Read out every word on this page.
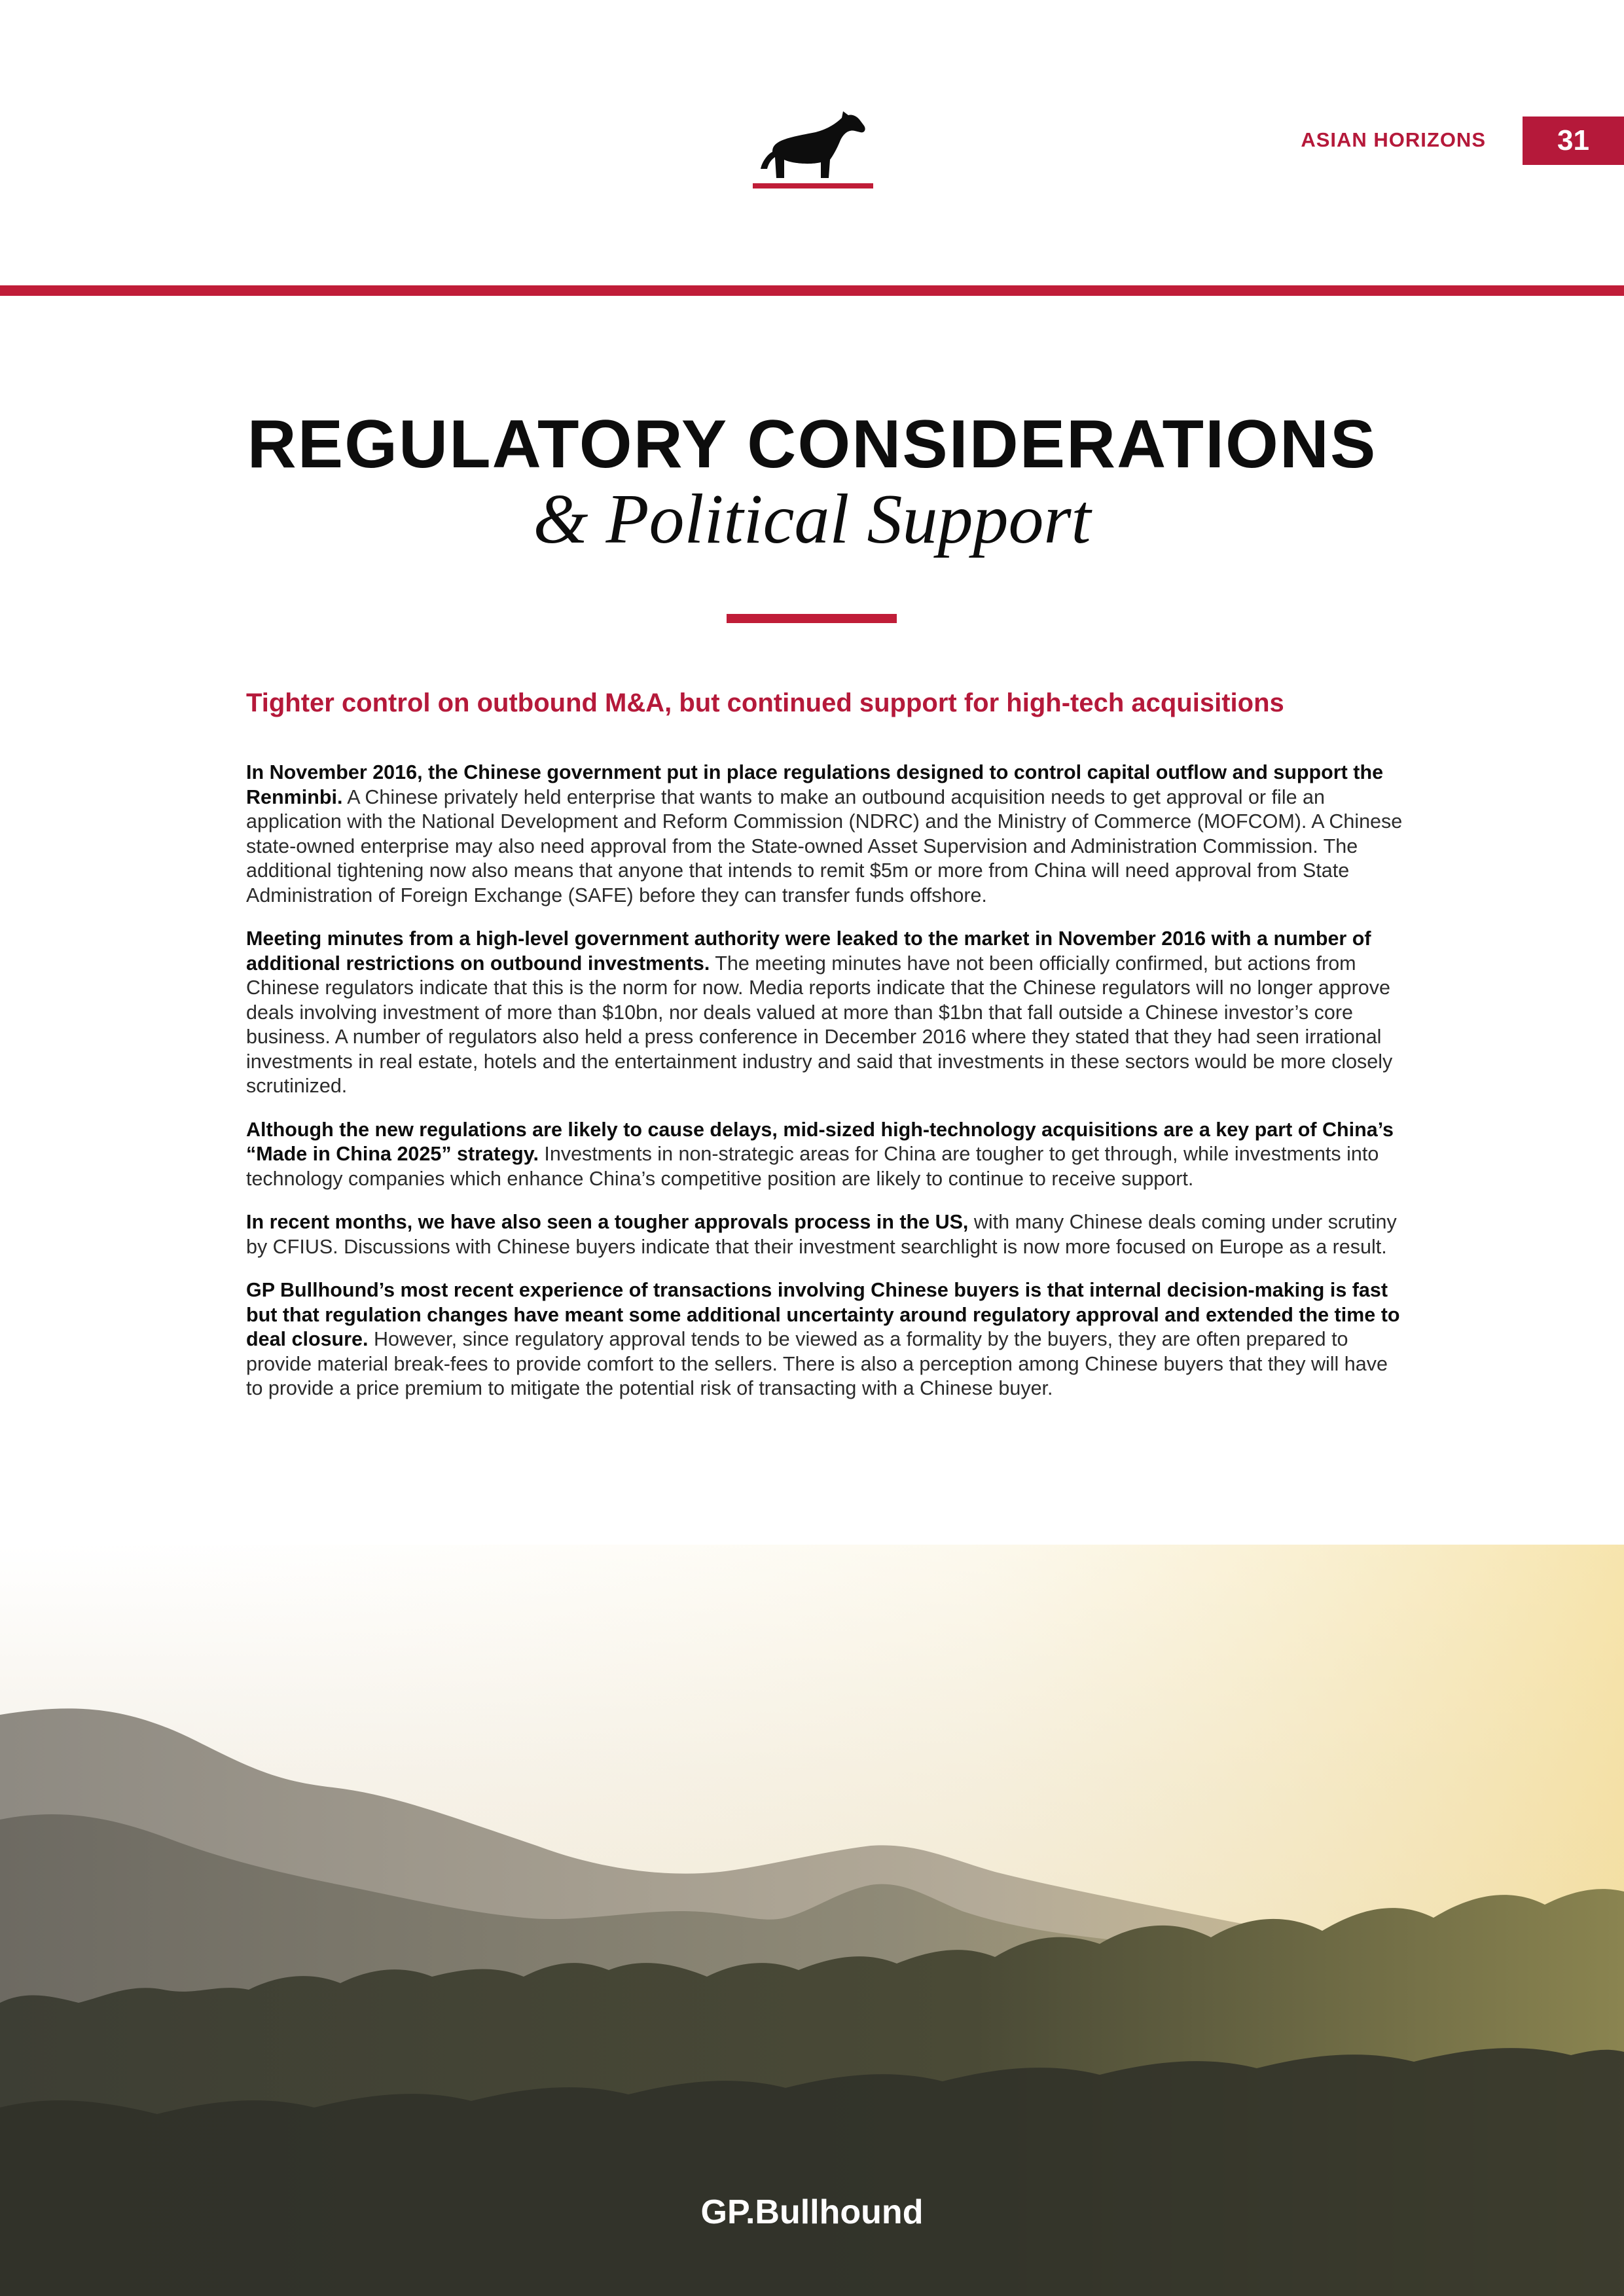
ASIAN HORIZONS	31
REGULATORY CONSIDERATIONS
& Political Support
Tighter control on outbound M&A, but continued support for high-tech acquisitions

In November 2016, the Chinese government put in place regulations designed to control capital outflow and support the Renminbi. A Chinese privately held enterprise that wants to make an outbound acquisition needs to get approval or file an application with the National Development and Reform Commission (NDRC) and the Ministry of Commerce (MOFCOM). A Chinese state-owned enterprise may also need approval from the State-owned Asset Supervision and Administration Commission. The additional tightening now also means that anyone that intends to remit $5m or more from China will need approval from State Administration of Foreign Exchange (SAFE) before they can transfer funds offshore.

Meeting minutes from a high-level government authority were leaked to the market in November 2016 with a number of additional restrictions on outbound investments. The meeting minutes have not been officially confirmed, but actions from Chinese regulators indicate that this is the norm for now. Media reports indicate that the Chinese regulators will no longer approve deals involving investment of more than $10bn, nor deals valued at more than $1bn that fall outside a Chinese investor’s core business. A number of regulators also held a press conference in December 2016 where they stated that they had seen irrational investments in real estate, hotels and the entertainment industry and said that investments in these sectors would be more closely scrutinized.

Although the new regulations are likely to cause delays, mid-sized high-technology acquisitions are a key part of China’s “Made in China 2025” strategy. Investments in non-strategic areas for China are tougher to get through, while investments into technology companies which enhance China’s competitive position are likely to continue to receive support.

In recent months, we have also seen a tougher approvals process in the US, with many Chinese deals coming under scrutiny by CFIUS. Discussions with Chinese buyers indicate that their investment searchlight is now more focused on Europe as a result.

GP Bullhound’s most recent experience of transactions involving Chinese buyers is that internal decision-making is fast but that regulation changes have meant some additional uncertainty around regulatory approval and extended the time to deal closure. However, since regulatory approval tends to be viewed as a formality by the buyers, they are often prepared to provide material break-fees to provide comfort to the sellers. There is also a perception among Chinese buyers that they will have to provide a price premium to mitigate the potential risk of transacting with a Chinese buyer.

GP.Bullhound
